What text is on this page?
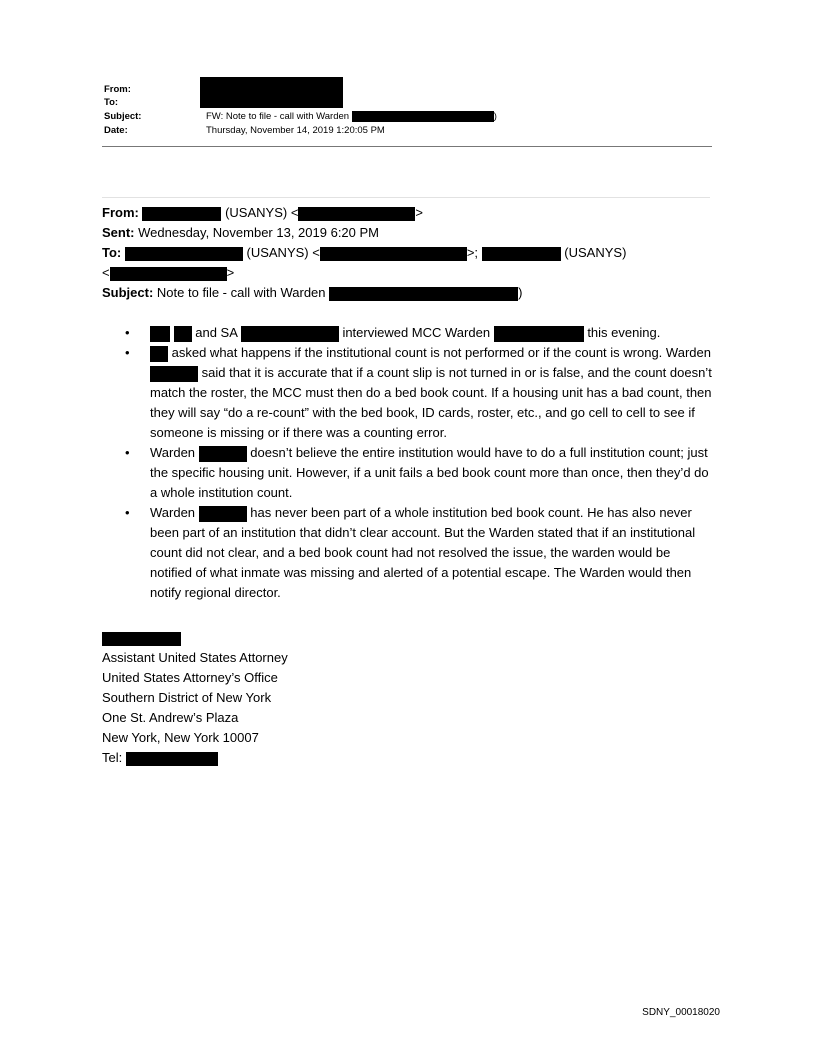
From:
To:
Subject:	FW: Note to file - call with Warden	)
Date:	Thursday, November 14, 2019 1:20:05 PM
From:	(USANYS) <	>
Sent: Wednesday, November 13, 2019 6:20 PM
To:	(USANYS) <	>;	(USANYS)
<	>
Subject: Note to file - call with Warden	)
•	and SA	interviewed MCC Warden	this evening.

•	asked what happens if the institutional count is not performed or if the count is wrong. Warden  said that it is accurate that if a count slip is not turned in or is false, and the count doesn’t match the roster, the MCC must then do a bed book count. If a housing unit has a bad count, then they will say “do a re-count” with the bed book, ID cards, roster, etc., and go cell to cell to see if someone is missing or if there was a counting error.

• Warden	doesn’t believe the entire institution would have to do a full institution count; just the specific housing unit. However, if a unit fails a bed book count more than once, then they’d do a whole institution count.

• Warden	has never been part of a whole institution bed book count. He has also never been part of an institution that didn’t clear account. But the Warden stated that if an institutional count did not clear, and a bed book count had not resolved the issue, the warden would be notified of what inmate was missing and alerted of a potential escape. The Warden would then notify regional director.

Assistant United States Attorney
United States Attorney’s Office
Southern District of New York
One St. Andrew’s Plaza
New York, New York 10007
Tel:
SDNY_00018020
